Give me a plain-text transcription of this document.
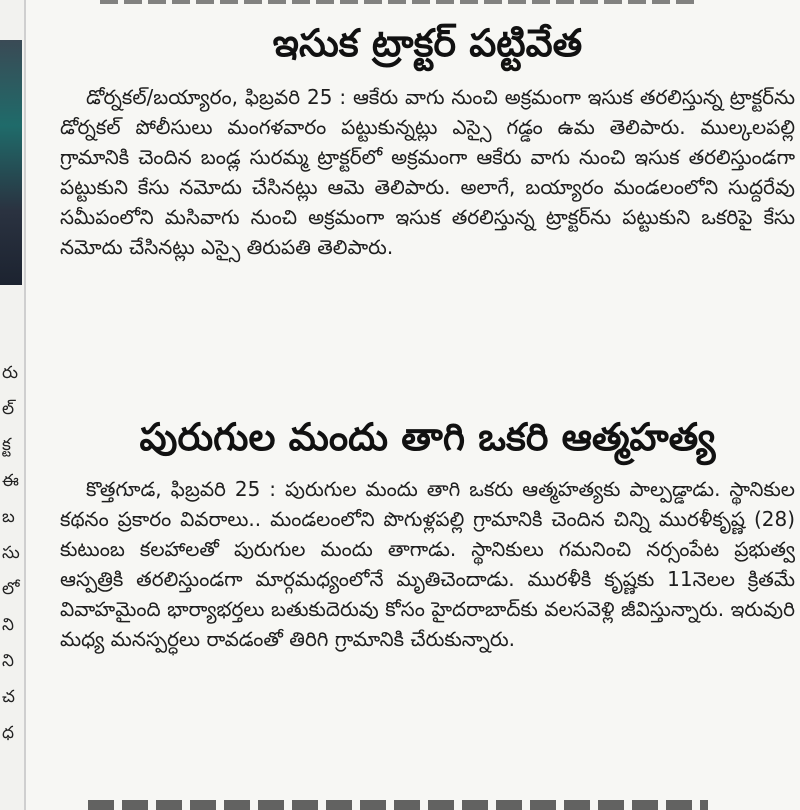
రు
ల్
క్ట
ఈ
బ
సు
లో
ని
ని
చ
ధ
ఇసుక ట్రాక్టర్‌ పట్టివేత
డోర్నకల్‌/బయ్యారం, ఫిబ్రవరి 25 : ఆకేరు వాగు నుంచి అక్రమంగా ఇసుక తరలిస్తున్న ట్రాక్టర్‌ను డోర్నకల్‌ పోలీసులు మంగళవారం పట్టుకున్నట్లు ఎస్సై గడ్డం ఉమ తెలిపారు. ముల్కలపల్లి గ్రామానికి చెందిన బండ్ల సురమ్మ ట్రాక్టర్‌లో అక్రమంగా ఆకేరు వాగు నుంచి ఇసుక తరలిస్తుండగా పట్టుకుని కేసు నమోదు చేసినట్లు ఆమె తెలిపారు. అలాగే, బయ్యారం మండలంలోని సుద్దరేవు సమీపంలోని మసివాగు నుంచి అక్రమంగా ఇసుక తరలిస్తున్న ట్రాక్టర్‌ను పట్టుకుని ఒకరిపై కేసు నమోదు చేసినట్లు ఎస్సై తిరుపతి తెలిపారు.
పురుగుల మందు తాగి ఒకరి ఆత్మహత్య
కొత్తగూడ, ఫిబ్రవరి 25 : పురుగుల మందు తాగి ఒకరు ఆత్మహత్యకు పాల్పడ్డాడు. స్థానికుల కథనం ప్రకారం వివరాలు.. మండలంలోని పొగుళ్లపల్లి గ్రామానికి చెందిన చిన్ని మురళీకృష్ణ (28) కుటుంబ కలహాలతో పురుగుల మందు తాగాడు. స్థానికులు గమనించి నర్సంపేట ప్రభుత్వ ఆస్పత్రికి తరలిస్తుండగా మార్గమధ్యంలోనే మృతిచెందాడు. మురళీకి కృష్ణకు 11నెలల క్రితమే వివాహమైంది భార్యాభర్తలు బతుకుదెరువు కోసం హైదరాబాద్‌కు వలసవెళ్లి జీవిస్తున్నారు. ఇరువురి మధ్య మనస్పర్ధలు రావడంతో తిరిగి గ్రామానికి చేరుకున్నారు.
